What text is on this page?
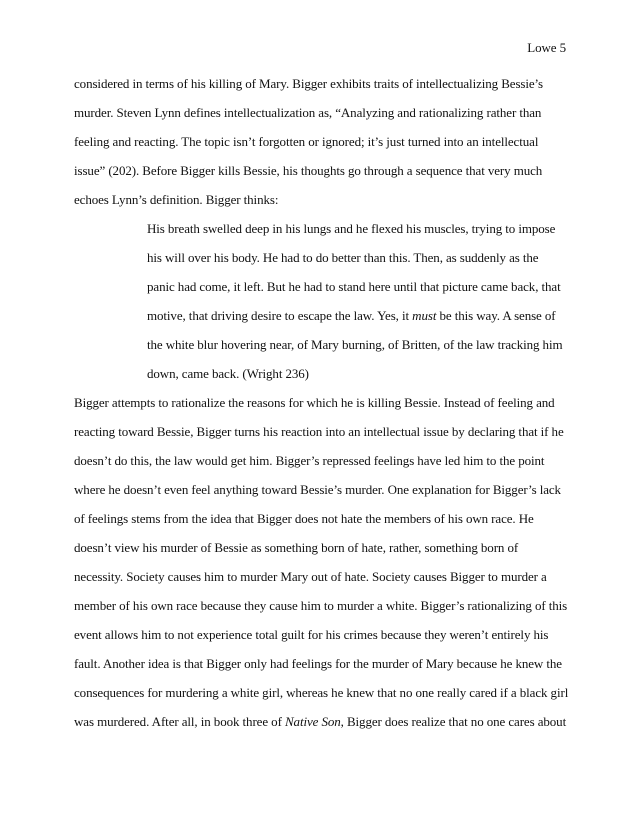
Lowe 5
considered in terms of his killing of Mary. Bigger exhibits traits of intellectualizing Bessie’s
murder. Steven Lynn defines intellectualization as, “Analyzing and rationalizing rather than
feeling and reacting. The topic isn’t forgotten or ignored; it’s just turned into an intellectual
issue” (202). Before Bigger kills Bessie, his thoughts go through a sequence that very much
echoes Lynn’s definition. Bigger thinks:
His breath swelled deep in his lungs and he flexed his muscles, trying to impose
his will over his body. He had to do better than this. Then, as suddenly as the
panic had come, it left. But he had to stand here until that picture came back, that
motive, that driving desire to escape the law. Yes, it must be this way. A sense of
the white blur hovering near, of Mary burning, of Britten, of the law tracking him
down, came back. (Wright 236)
Bigger attempts to rationalize the reasons for which he is killing Bessie. Instead of feeling and
reacting toward Bessie, Bigger turns his reaction into an intellectual issue by declaring that if he
doesn’t do this, the law would get him. Bigger’s repressed feelings have led him to the point
where he doesn’t even feel anything toward Bessie’s murder. One explanation for Bigger’s lack
of feelings stems from the idea that Bigger does not hate the members of his own race. He
doesn’t view his murder of Bessie as something born of hate, rather, something born of
necessity. Society causes him to murder Mary out of hate. Society causes Bigger to murder a
member of his own race because they cause him to murder a white. Bigger’s rationalizing of this
event allows him to not experience total guilt for his crimes because they weren’t entirely his
fault. Another idea is that Bigger only had feelings for the murder of Mary because he knew the
consequences for murdering a white girl, whereas he knew that no one really cared if a black girl
was murdered. After all, in book three of Native Son, Bigger does realize that no one cares about
